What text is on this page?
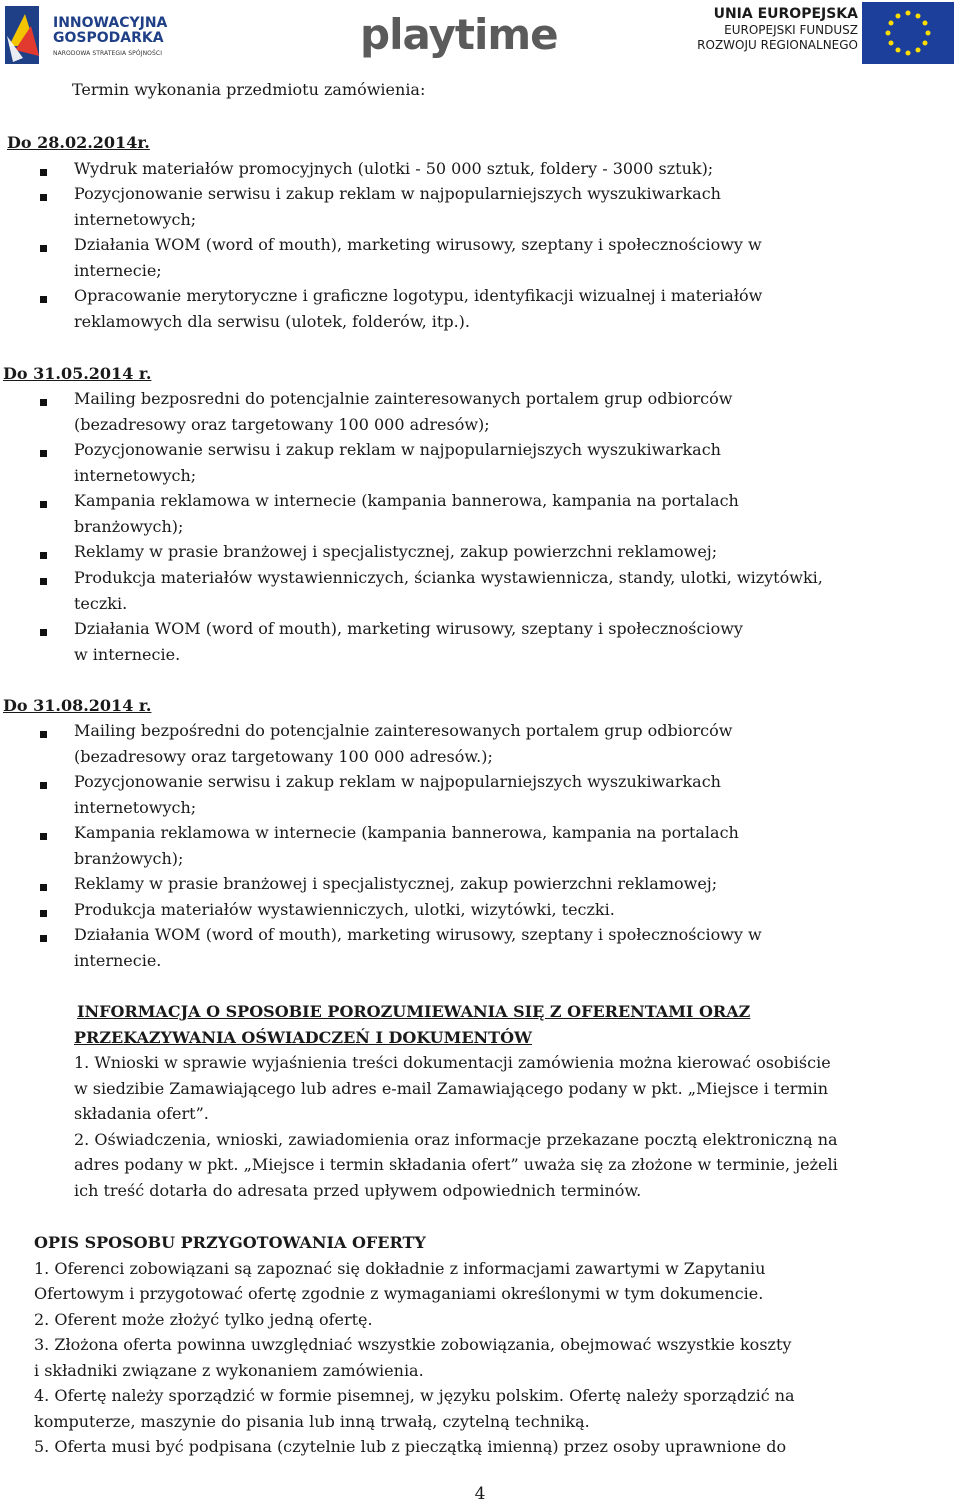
INNOWACYJNA
GOSPODARKA
NARODOWA STRATEGIA SPÓJNOŚCI	playtime	UNIA EUROPEJSKA
EUROPEJSKI FUNDUSZ
ROZWOJU REGIONALNEGO
Termin wykonania przedmiotu zamówienia:
Do 28.02.2014r.
Wydruk materiałów promocyjnych (ulotki - 50 000 sztuk, foldery - 3000 sztuk);
Pozycjonowanie serwisu i zakup reklam w najpopularniejszych wyszukiwarkach
internetowych;
Działania WOM (word of mouth), marketing wirusowy, szeptany i społecznościowy w
internecie;
Opracowanie merytoryczne i graficzne logotypu, identyfikacji wizualnej i materiałów
reklamowych dla serwisu (ulotek, folderów, itp.).
Do 31.05.2014 r.
Mailing bezposredni do potencjalnie zainteresowanych portalem grup odbiorców
(bezadresowy oraz targetowany 100 000 adresów);
Pozycjonowanie serwisu i zakup reklam w najpopularniejszych wyszukiwarkach
internetowych;
Kampania reklamowa w internecie (kampania bannerowa, kampania na portalach
branżowych);
Reklamy w prasie branżowej i specjalistycznej, zakup powierzchni reklamowej;
Produkcja materiałów wystawienniczych, ścianka wystawiennicza, standy, ulotki, wizytówki,
teczki.
Działania WOM (word of mouth), marketing wirusowy, szeptany i społecznościowy
w internecie.
Do 31.08.2014 r.
Mailing bezpośredni do potencjalnie zainteresowanych portalem grup odbiorców
(bezadresowy oraz targetowany 100 000 adresów.);
Pozycjonowanie serwisu i zakup reklam w najpopularniejszych wyszukiwarkach
internetowych;
Kampania reklamowa w internecie (kampania bannerowa, kampania na portalach
branżowych);
Reklamy w prasie branżowej i specjalistycznej, zakup powierzchni reklamowej;
Produkcja materiałów wystawienniczych, ulotki, wizytówki, teczki.
Działania WOM (word of mouth), marketing wirusowy, szeptany i społecznościowy w
internecie.
INFORMACJA O SPOSOBIE POROZUMIEWANIA SIĘ Z OFERENTAMI ORAZ
PRZEKAZYWANIA OŚWIADCZEŃ I DOKUMENTÓW
1. Wnioski w sprawie wyjaśnienia treści dokumentacji zamówienia można kierować osobiście
w siedzibie Zamawiającego lub adres e-mail Zamawiającego podany w pkt. „Miejsce i termin
składania ofert”.
2. Oświadczenia, wnioski, zawiadomienia oraz informacje przekazane pocztą elektroniczną na
adres podany w pkt. „Miejsce i termin składania ofert” uważa się za złożone w terminie, jeżeli
ich treść dotarła do adresata przed upływem odpowiednich terminów.
OPIS SPOSOBU PRZYGOTOWANIA OFERTY
1. Oferenci zobowiązani są zapoznać się dokładnie z informacjami zawartymi w Zapytaniu
Ofertowym i przygotować ofertę zgodnie z wymaganiami określonymi w tym dokumencie.
2. Oferent może złożyć tylko jedną ofertę.
3. Złożona oferta powinna uwzględniać wszystkie zobowiązania, obejmować wszystkie koszty
i składniki związane z wykonaniem zamówienia.
4. Ofertę należy sporządzić w formie pisemnej, w języku polskim. Ofertę należy sporządzić na
komputerze, maszynie do pisania lub inną trwałą, czytelną techniką.
5. Oferta musi być podpisana (czytelnie lub z pieczątką imienną) przez osoby uprawnione do
4
